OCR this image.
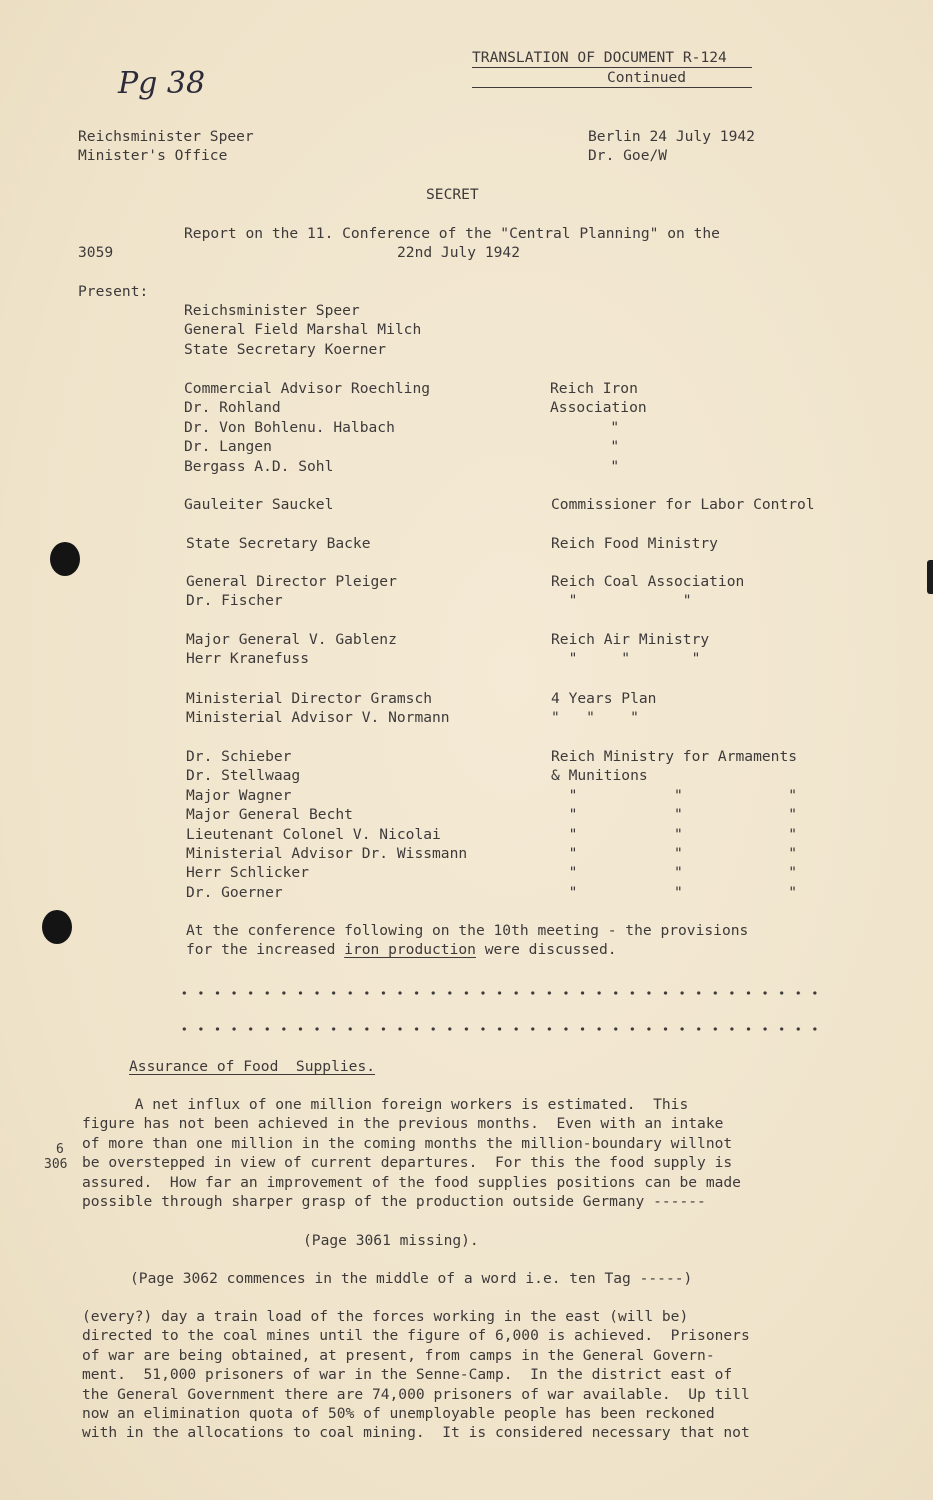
TRANSLATION OF DOCUMENT R-124
Continued
Pg 38
Reichsminister Speer
Minister's Office
Berlin 24 July 1942
Dr. Goe/W
SECRET
Report on the 11. Conference of the "Central Planning" on the
22nd July 1942
3059
Present:
Reichsminister Speer
General Field Marshal Milch
State Secretary Koerner
Commercial Advisor Roechling
Dr. Rohland
Dr. Von Bohlenu. Halbach
Dr. Langen
Bergass A.D. Sohl
Reich Iron
Association
"
"
"
Gauleiter Sauckel	Commissioner for Labor Control
State Secretary Backe	Reich Food Ministry
General Director Pleiger
Dr. Fischer
Reich Coal Association
"            "
Major General V. Gablenz
Herr Kranefuss
Reich Air Ministry
"     "       "
Ministerial Director Gramsch
Ministerial Advisor V. Normann
4 Years Plan
"   "    "
Dr. Schieber
Dr. Stellwaag
Major Wagner
Major General Becht
Lieutenant Colonel V. Nicolai
Ministerial Advisor Dr. Wissmann
Herr Schlicker
Dr. Goerner
Reich Ministry for Armaments
& Munitions
"           "            "
"           "            "
"           "            "
"           "            "
"           "            "
"           "            "
At the conference following on the 10th meeting - the provisions
for the increased iron production were discussed.
Assurance of Food  Supplies.
A net influx of one million foreign workers is estimated.  This
figure has not been achieved in the previous months.  Even with an intake
of more than one million in the coming months the million-boundary willnot
be overstepped in view of current departures.  For this the food supply is
assured.  How far an improvement of the food supplies positions can be made
possible through sharper grasp of the production outside Germany ------
6
306
(Page 3061 missing).
(Page 3062 commences in the middle of a word i.e. ten Tag -----)
(every?) day a train load of the forces working in the east (will be)
directed to the coal mines until the figure of 6,000 is achieved.  Prisoners
of war are being obtained, at present, from camps in the General Govern-
ment.  51,000 prisoners of war in the Senne-Camp.  In the district east of
the General Government there are 74,000 prisoners of war available.  Up till
now an elimination quota of 50% of unemployable people has been reckoned
with in the allocations to coal mining.  It is considered necessary that not
